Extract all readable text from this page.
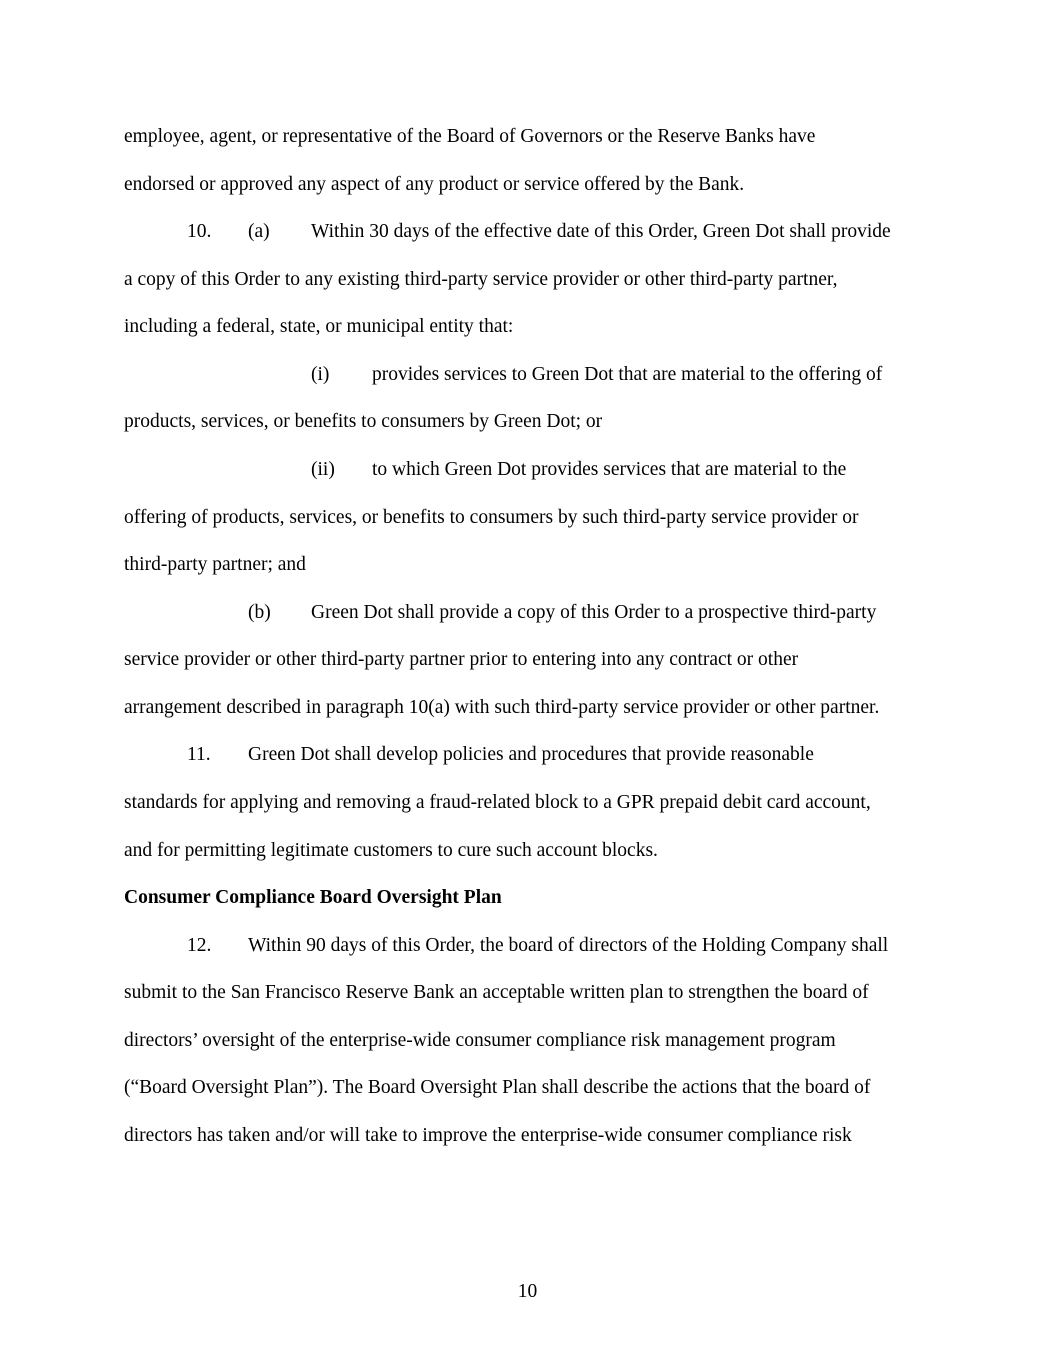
employee, agent, or representative of the Board of Governors or the Reserve Banks have
endorsed or approved any aspect of any product or service offered by the Bank.
10. (a) Within 30 days of the effective date of this Order, Green Dot shall provide
a copy of this Order to any existing third-party service provider or other third-party partner,
including a federal, state, or municipal entity that:
(i) provides services to Green Dot that are material to the offering of
products, services, or benefits to consumers by Green Dot; or
(ii) to which Green Dot provides services that are material to the
offering of products, services, or benefits to consumers by such third-party service provider or
third-party partner; and
(b) Green Dot shall provide a copy of this Order to a prospective third-party
service provider or other third-party partner prior to entering into any contract or other
arrangement described in paragraph 10(a) with such third-party service provider or other partner.
11. Green Dot shall develop policies and procedures that provide reasonable
standards for applying and removing a fraud-related block to a GPR prepaid debit card account,
and for permitting legitimate customers to cure such account blocks.
Consumer Compliance Board Oversight Plan
12. Within 90 days of this Order, the board of directors of the Holding Company shall
submit to the San Francisco Reserve Bank an acceptable written plan to strengthen the board of
directors’ oversight of the enterprise-wide consumer compliance risk management program
(“Board Oversight Plan”). The Board Oversight Plan shall describe the actions that the board of
directors has taken and/or will take to improve the enterprise-wide consumer compliance risk
10
